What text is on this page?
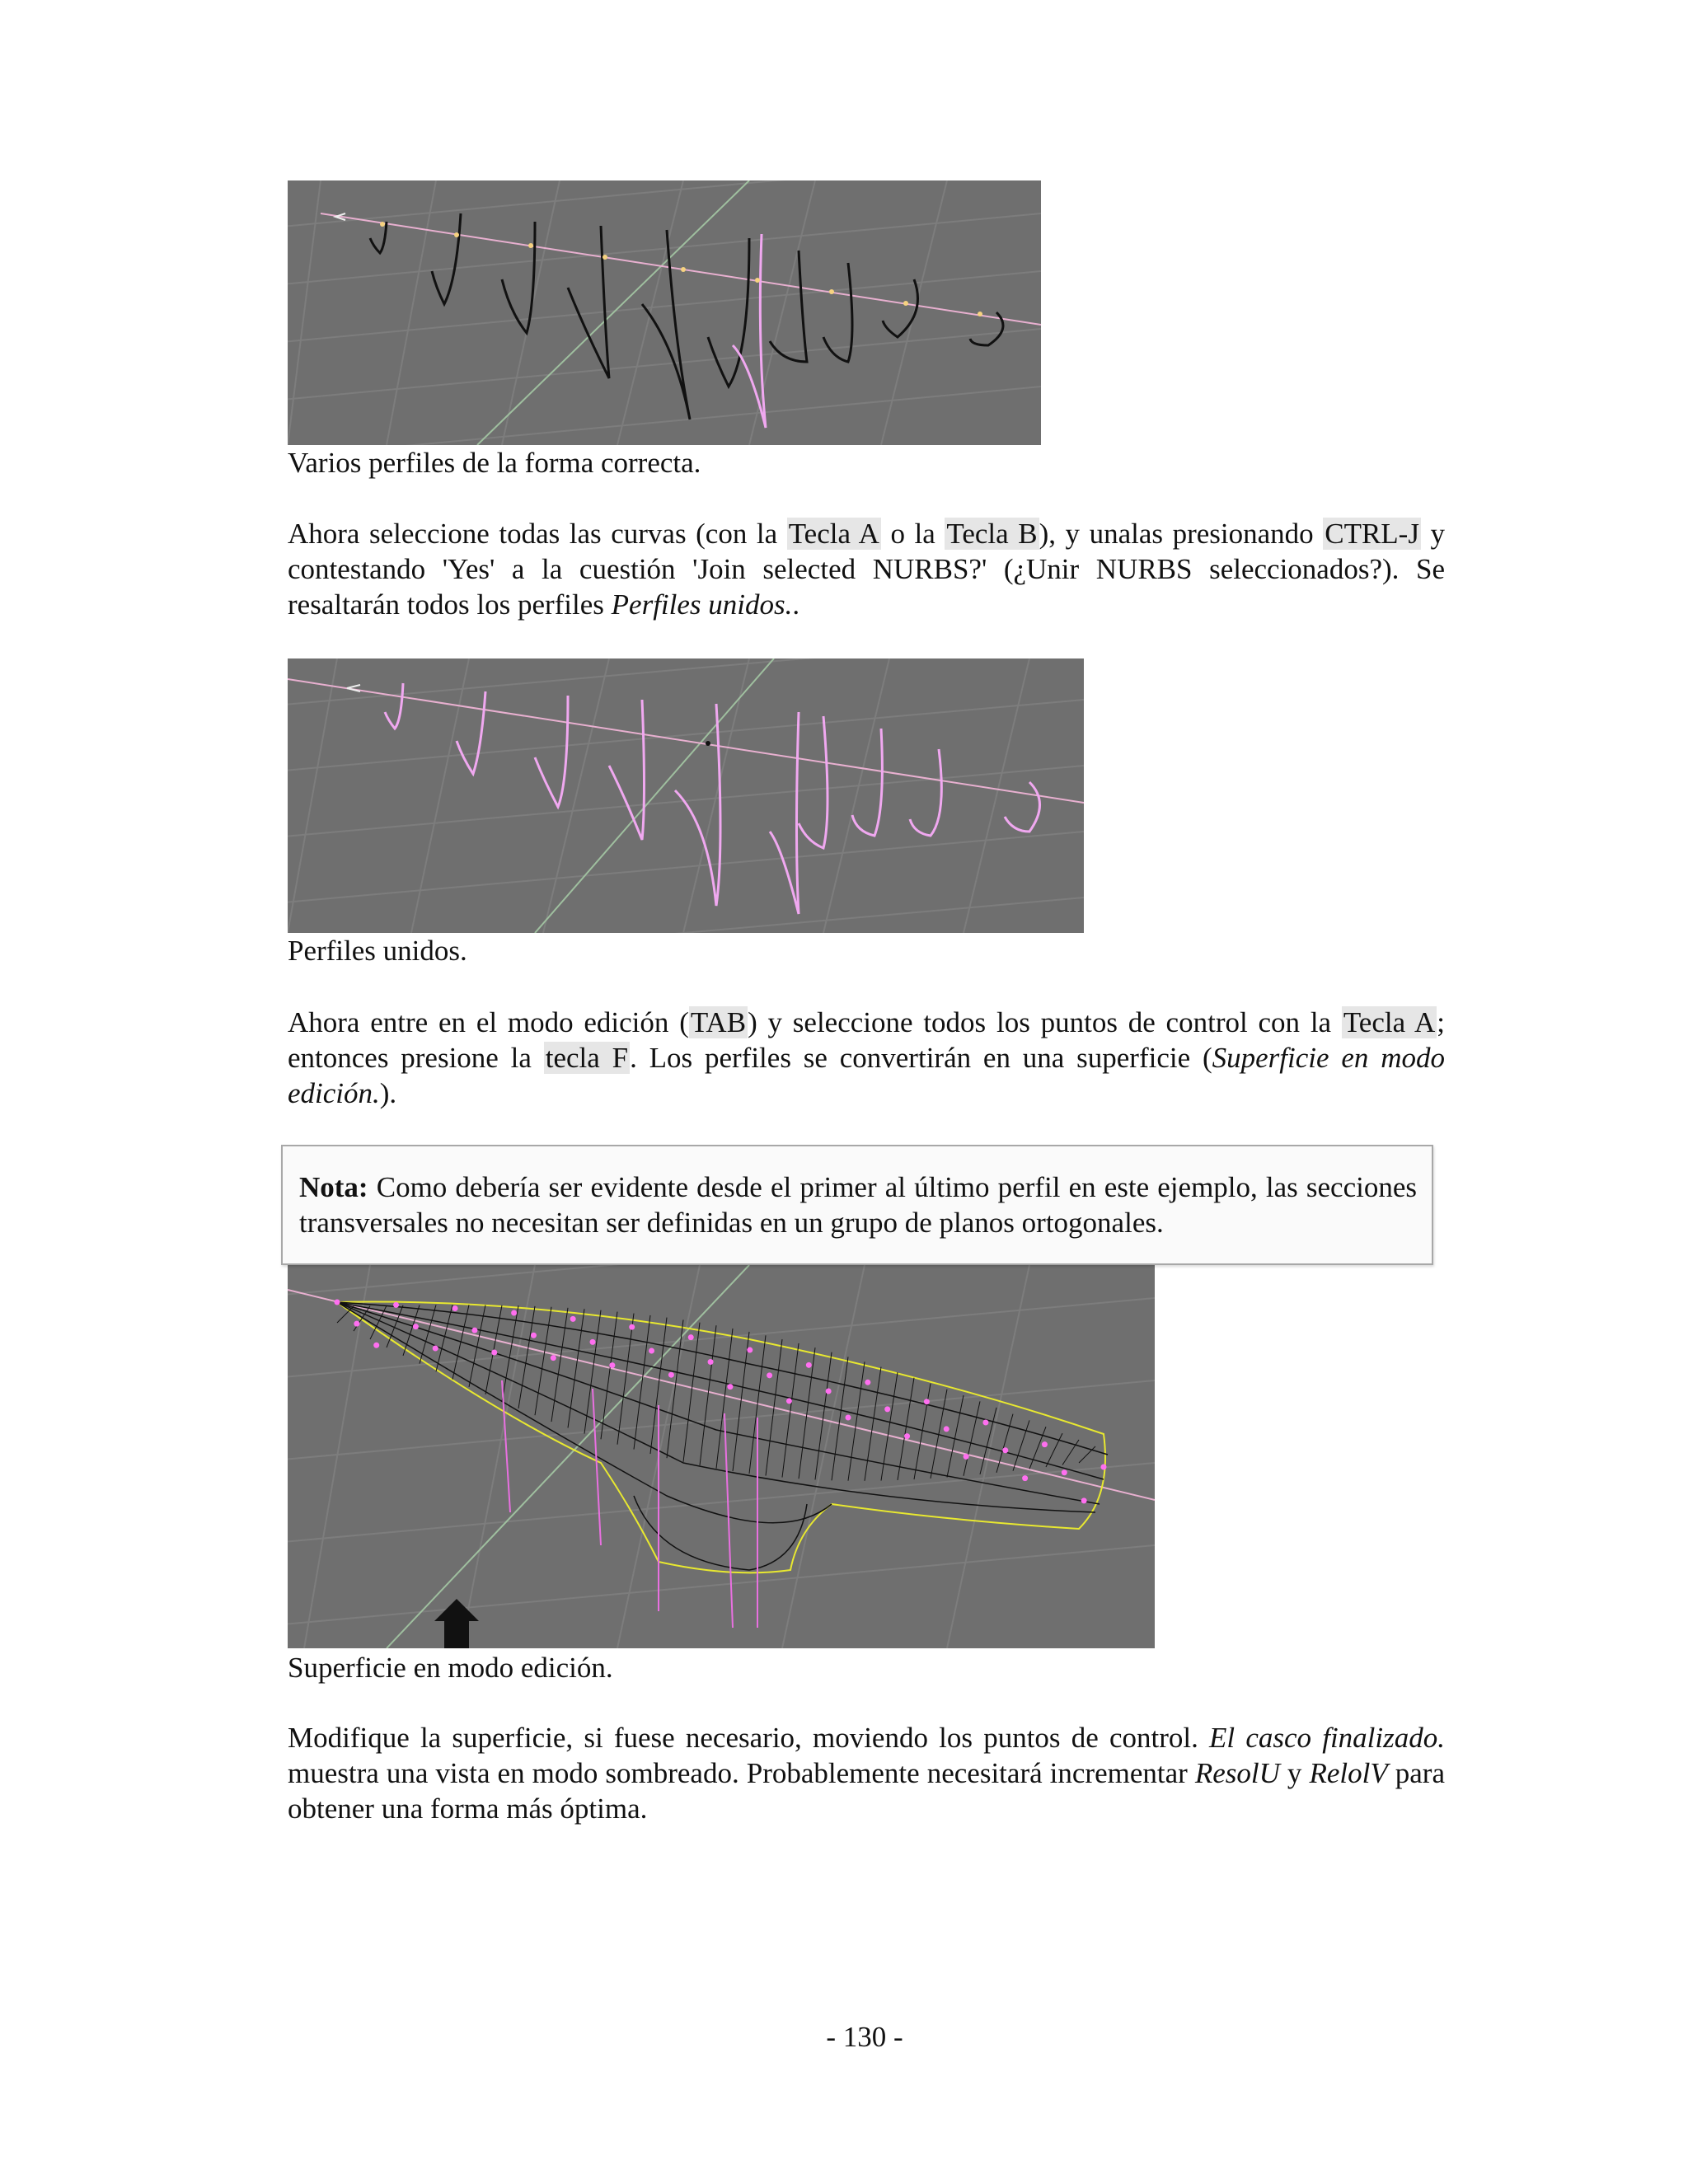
Varios perfiles de la forma correcta.
Ahora seleccione todas las curvas (con la Tecla A o la Tecla B), y unalas presionando CTRL-J y contestando 'Yes' a la cuestión 'Join selected NURBS?' (¿Unir NURBS seleccionados?). Se resaltarán todos los perfiles Perfiles unidos..
Perfiles unidos.
Ahora entre en el modo edición (TAB) y seleccione todos los puntos de control con la Tecla A; entonces presione la tecla F. Los perfiles se convertirán en una superficie (Superficie en modo edición.).
Superficie en modo edición.
Nota: Como debería ser evidente desde el primer al último perfil en este ejemplo, las secciones transversales no necesitan ser definidas en un grupo de planos ortogonales.
Modifique la superficie, si fuese necesario, moviendo los puntos de control. El casco finalizado. muestra una vista en modo sombreado. Probablemente necesitará incrementar ResolU y RelolV para obtener una forma más óptima.
- 130 -
